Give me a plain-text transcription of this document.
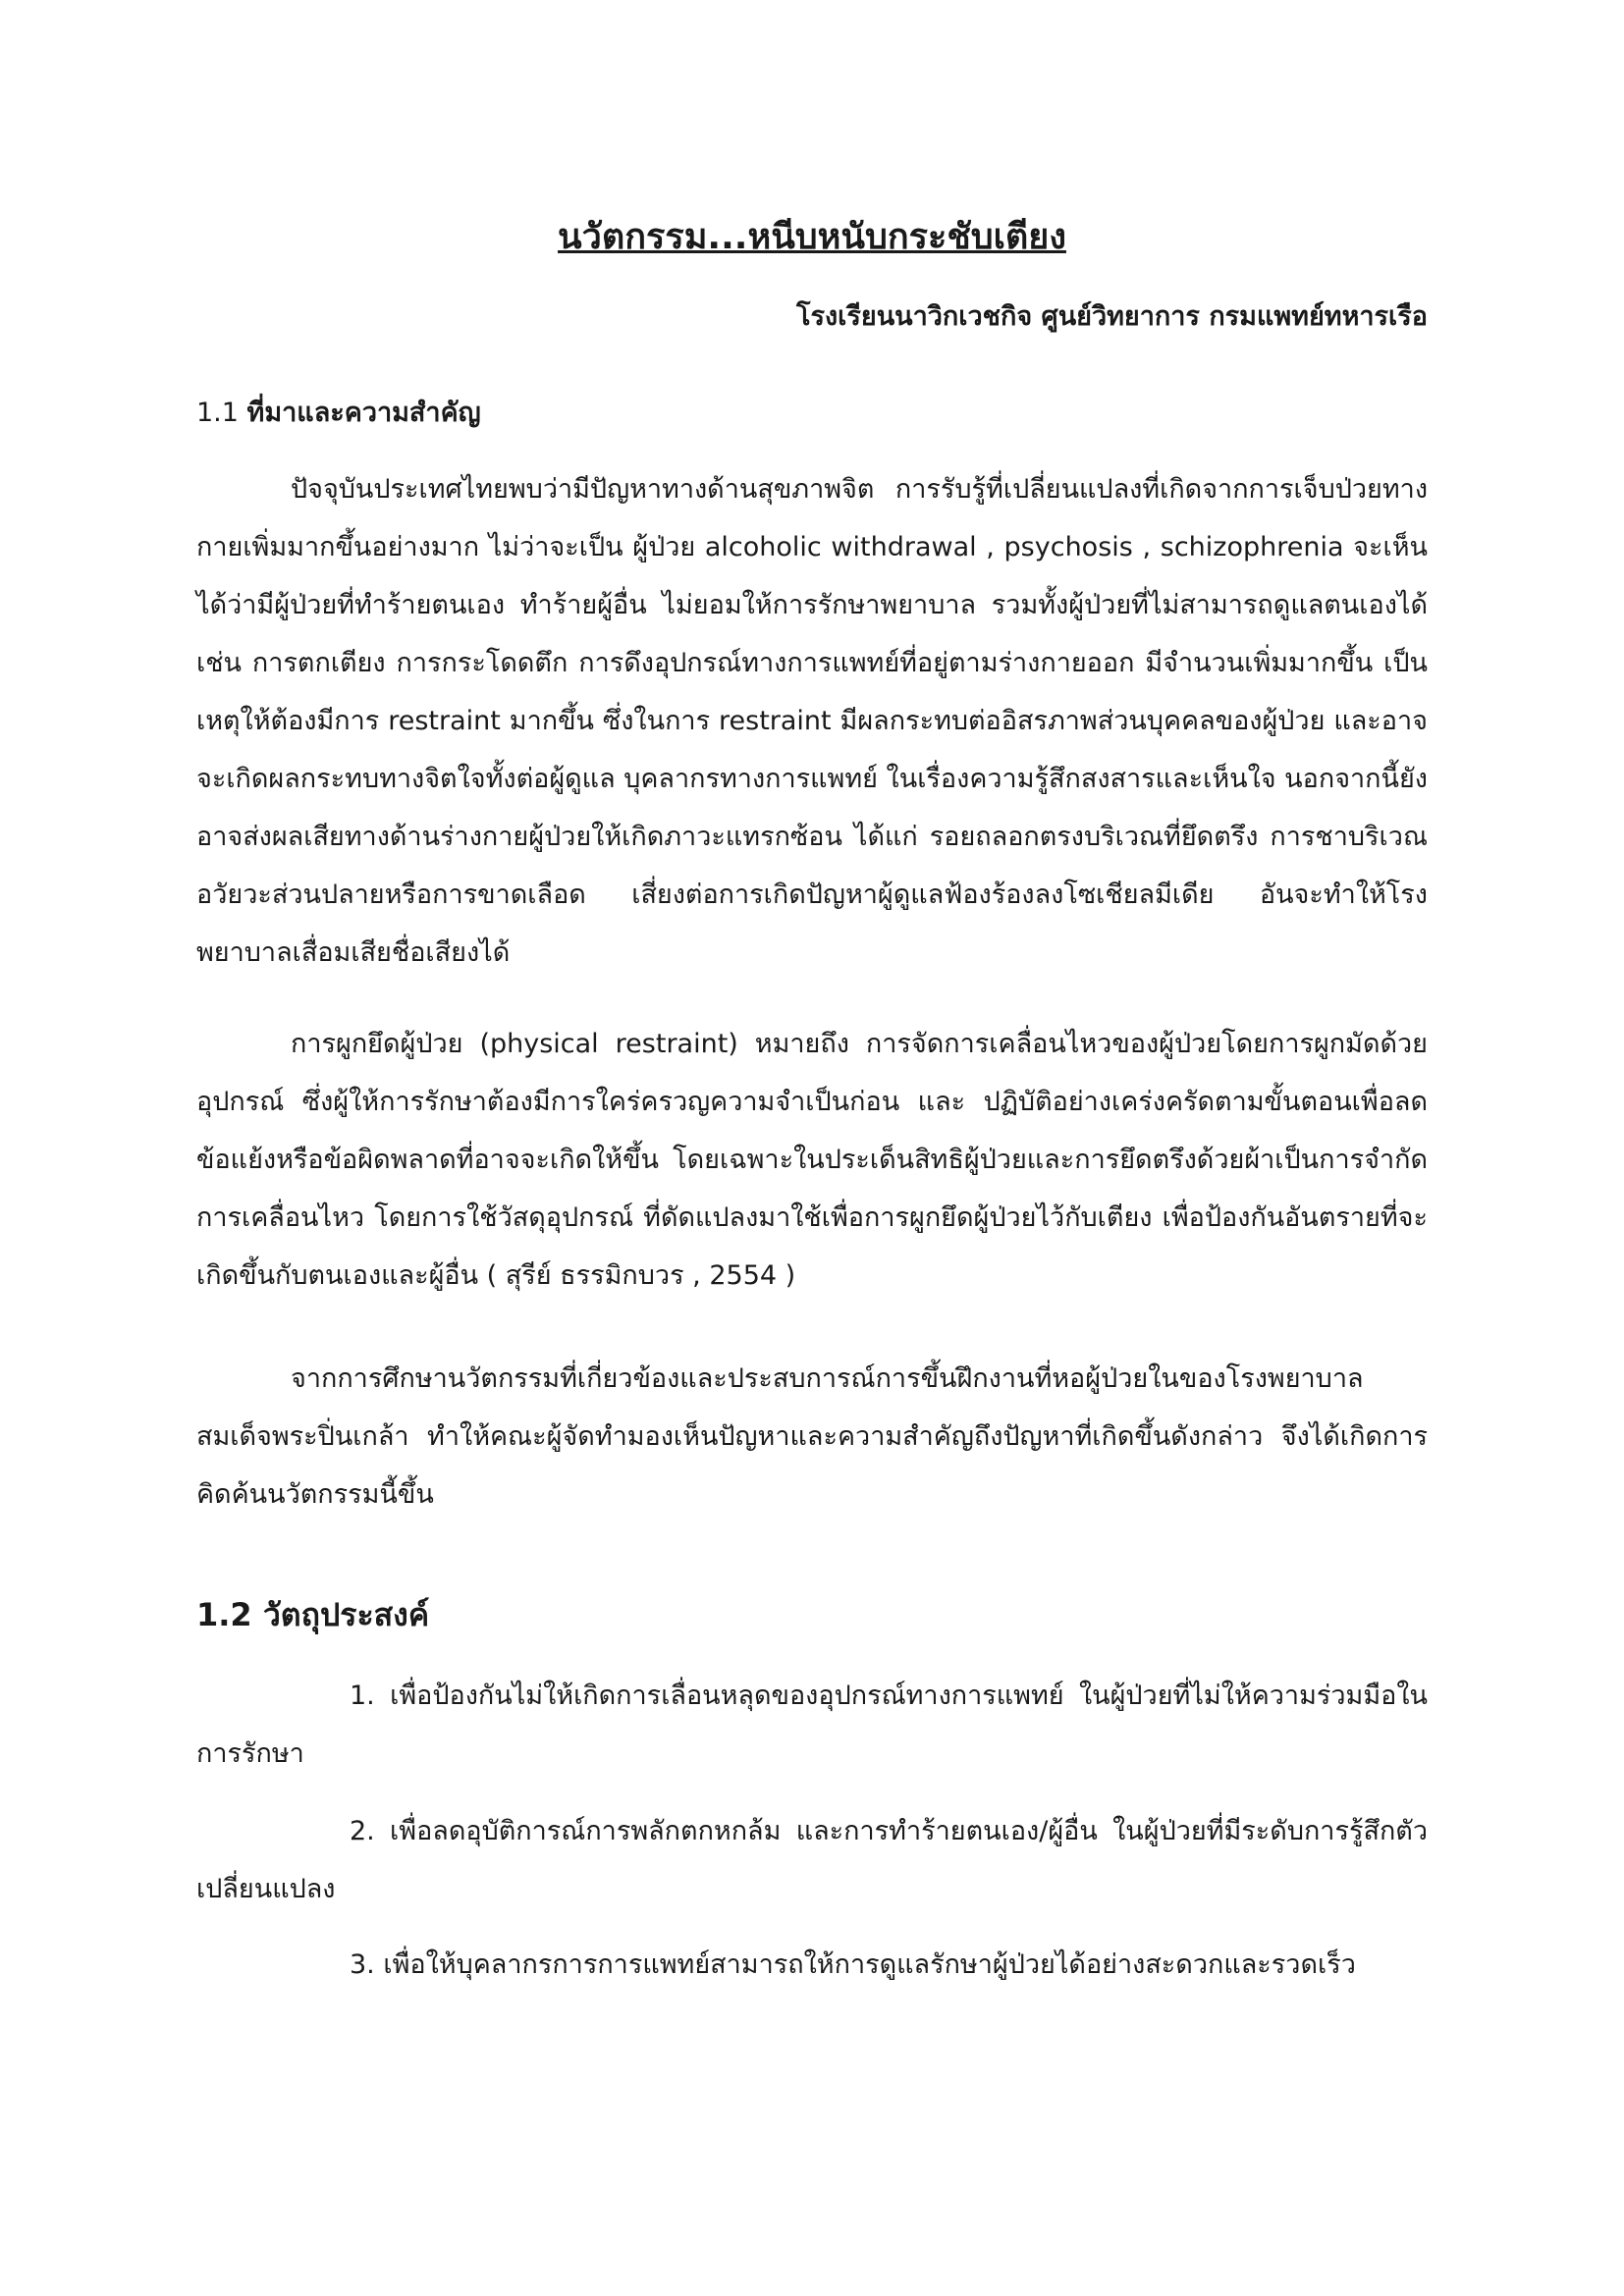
นวัตกรรม...หนีบหนับกระชับเตียง

โรงเรียนนาวิกเวชกิจ ศูนย์วิทยาการ กรมแพทย์ทหารเรือ

1.1 ที่มาและความสำคัญ

ปัจจุบันประเทศไทยพบว่ามีปัญหาทางด้านสุขภาพจิต การรับรู้ที่เปลี่ยนแปลงที่เกิดจากการเจ็บป่วยทางกายเพิ่มมากขึ้นอย่างมาก ไม่ว่าจะเป็น ผู้ป่วย alcoholic withdrawal , psychosis , schizophrenia จะเห็นได้ว่ามีผู้ป่วยที่ทำร้ายตนเอง ทำร้ายผู้อื่น ไม่ยอมให้การรักษาพยาบาล รวมทั้งผู้ป่วยที่ไม่สามารถดูแลตนเองได้ เช่น การตกเตียง การกระโดดตึก การดึงอุปกรณ์ทางการแพทย์ที่อยู่ตามร่างกายออก มีจำนวนเพิ่มมากขึ้น เป็นเหตุให้ต้องมีการ restraint มากขึ้น ซึ่งในการ restraint มีผลกระทบต่ออิสรภาพส่วนบุคคลของผู้ป่วย และอาจจะเกิดผลกระทบทางจิตใจทั้งต่อผู้ดูแล บุคลากรทางการแพทย์ ในเรื่องความรู้สึกสงสารและเห็นใจ นอกจากนี้ยังอาจส่งผลเสียทางด้านร่างกายผู้ป่วยให้เกิดภาวะแทรกซ้อน ได้แก่ รอยถลอกตรงบริเวณที่ยึดตรึง การชาบริเวณอวัยวะส่วนปลายหรือการขาดเลือด เสี่ยงต่อการเกิดปัญหาผู้ดูแลฟ้องร้องลงโซเชียลมีเดีย อันจะทำให้โรงพยาบาลเสื่อมเสียชื่อเสียงได้

การผูกยึดผู้ป่วย (physical restraint) หมายถึง การจัดการเคลื่อนไหวของผู้ป่วยโดยการผูกมัดด้วยอุปกรณ์ ซึ่งผู้ให้การรักษาต้องมีการใคร่ครวญความจำเป็นก่อน และ ปฏิบัติอย่างเคร่งครัดตามขั้นตอนเพื่อลดข้อแย้งหรือข้อผิดพลาดที่อาจจะเกิดให้ขึ้น โดยเฉพาะในประเด็นสิทธิผู้ป่วยและการยึดตรึงด้วยผ้าเป็นการจำกัดการเคลื่อนไหว โดยการใช้วัสดุอุปกรณ์ ที่ดัดแปลงมาใช้เพื่อการผูกยึดผู้ป่วยไว้กับเตียง เพื่อป้องกันอันตรายที่จะเกิดขึ้นกับตนเองและผู้อื่น ( สุรีย์ ธรรมิกบวร , 2554 )

จากการศึกษานวัตกรรมที่เกี่ยวข้องและประสบการณ์การขึ้นฝึกงานที่หอผู้ป่วยในของโรงพยาบาลสมเด็จพระปิ่นเกล้า ทำให้คณะผู้จัดทำมองเห็นปัญหาและความสำคัญถึงปัญหาที่เกิดขึ้นดังกล่าว จึงได้เกิดการคิดค้นนวัตกรรมนี้ขึ้น

1.2 วัตถุประสงค์

1. เพื่อป้องกันไม่ให้เกิดการเลื่อนหลุดของอุปกรณ์ทางการแพทย์ ในผู้ป่วยที่ไม่ให้ความร่วมมือในการรักษา

2. เพื่อลดอุบัติการณ์การพลักตกหกล้ม และการทำร้ายตนเอง/ผู้อื่น ในผู้ป่วยที่มีระดับการรู้สึกตัวเปลี่ยนแปลง

3. เพื่อให้บุคลากรการการแพทย์สามารถให้การดูแลรักษาผู้ป่วยได้อย่างสะดวกและรวดเร็ว
